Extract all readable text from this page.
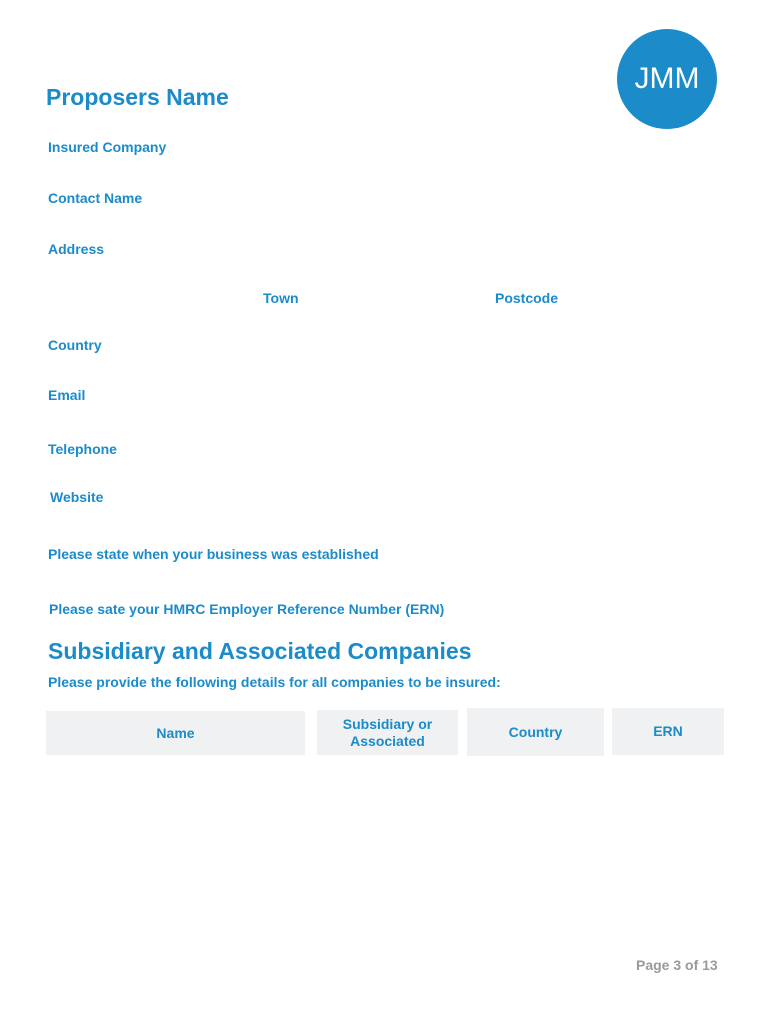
JMM
Proposers Name
Insured Company
Contact Name
Address
Town	Postcode
Country
Email
Telephone
Website
Please state when your business was established
Please sate your HMRC Employer Reference Number (ERN)
Subsidiary and Associated Companies
Please provide the following details for all companies to be insured:
Name
Subsidiary or Associated
Country	ERN
Page 3 of 13
